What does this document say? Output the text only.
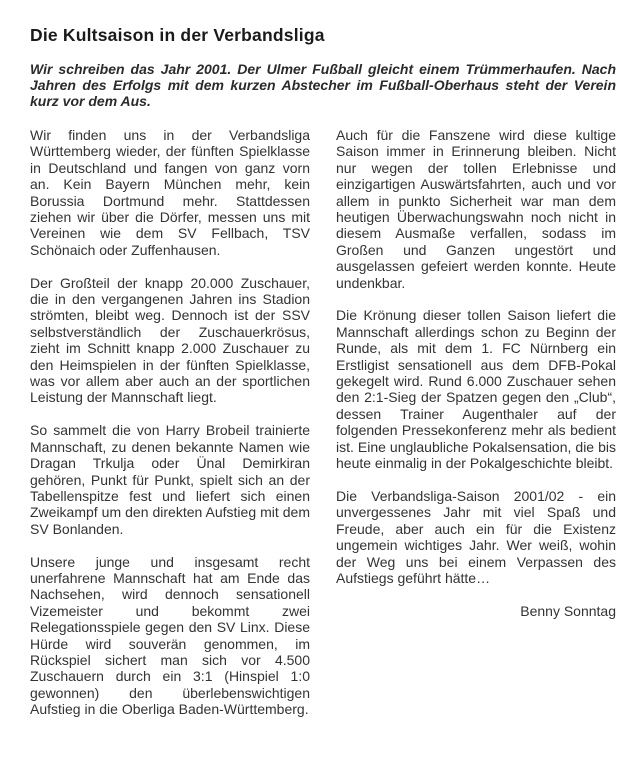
Die Kultsaison in der Verbandsliga

Wir schreiben das Jahr 2001. Der Ulmer Fußball gleicht einem Trümmerhaufen. Nach Jahren des Erfolgs mit dem kurzen Abstecher im Fußball-Oberhaus steht der Verein kurz vor dem Aus.

Wir finden uns in der Verbandsliga Württemberg wieder, der fünften Spielklasse in Deutschland und fangen von ganz vorn an. Kein Bayern München mehr, kein Borussia Dortmund mehr. Stattdessen ziehen wir über die Dörfer, messen uns mit Vereinen wie dem SV Fellbach, TSV Schönaich oder Zuffenhausen.

Der Großteil der knapp 20.000 Zuschauer, die in den vergangenen Jahren ins Stadion strömten, bleibt weg. Dennoch ist der SSV selbstverständlich der Zuschauerkrösus, zieht im Schnitt knapp 2.000 Zuschauer zu den Heimspielen in der fünften Spielklasse, was vor allem aber auch an der sportlichen Leistung der Mannschaft liegt.

So sammelt die von Harry Brobeil trainierte Mannschaft, zu denen bekannte Namen wie Dragan Trkulja oder Ünal Demirkiran gehören, Punkt für Punkt, spielt sich an der Tabellenspitze fest und liefert sich einen Zweikampf um den direkten Aufstieg mit dem SV Bonlanden.

Unsere junge und insgesamt recht unerfahrene Mannschaft hat am Ende das Nachsehen, wird dennoch sensationell Vizemeister und bekommt zwei Relegationsspiele gegen den SV Linx. Diese Hürde wird souverän genommen, im Rückspiel sichert man sich vor 4.500 Zuschauern durch ein 3:1 (Hinspiel 1:0 gewonnen) den überlebenswichtigen Aufstieg in die Oberliga Baden-Württemberg.

Auch für die Fanszene wird diese kultige Saison immer in Erinnerung bleiben. Nicht nur wegen der tollen Erlebnisse und einzigartigen Auswärtsfahrten, auch und vor allem in punkto Sicherheit war man dem heutigen Überwachungswahn noch nicht in diesem Ausmaße verfallen, sodass im Großen und Ganzen ungestört und ausgelassen gefeiert werden konnte. Heute undenkbar.

Die Krönung dieser tollen Saison liefert die Mannschaft allerdings schon zu Beginn der Runde, als mit dem 1. FC Nürnberg ein Erstligist sensationell aus dem DFB-Pokal gekegelt wird. Rund 6.000 Zuschauer sehen den 2:1-Sieg der Spatzen gegen den „Club“, dessen Trainer Augenthaler auf der folgenden Pressekonferenz mehr als bedient ist. Eine unglaubliche Pokalsensation, die bis heute einmalig in der Pokalgeschichte bleibt.

Die Verbandsliga-Saison 2001/02 - ein unvergessenes Jahr mit viel Spaß und Freude, aber auch ein für die Existenz ungemein wichtiges Jahr. Wer weiß, wohin der Weg uns bei einem Verpassen des Aufstiegs geführt hätte…

Benny Sonntag
